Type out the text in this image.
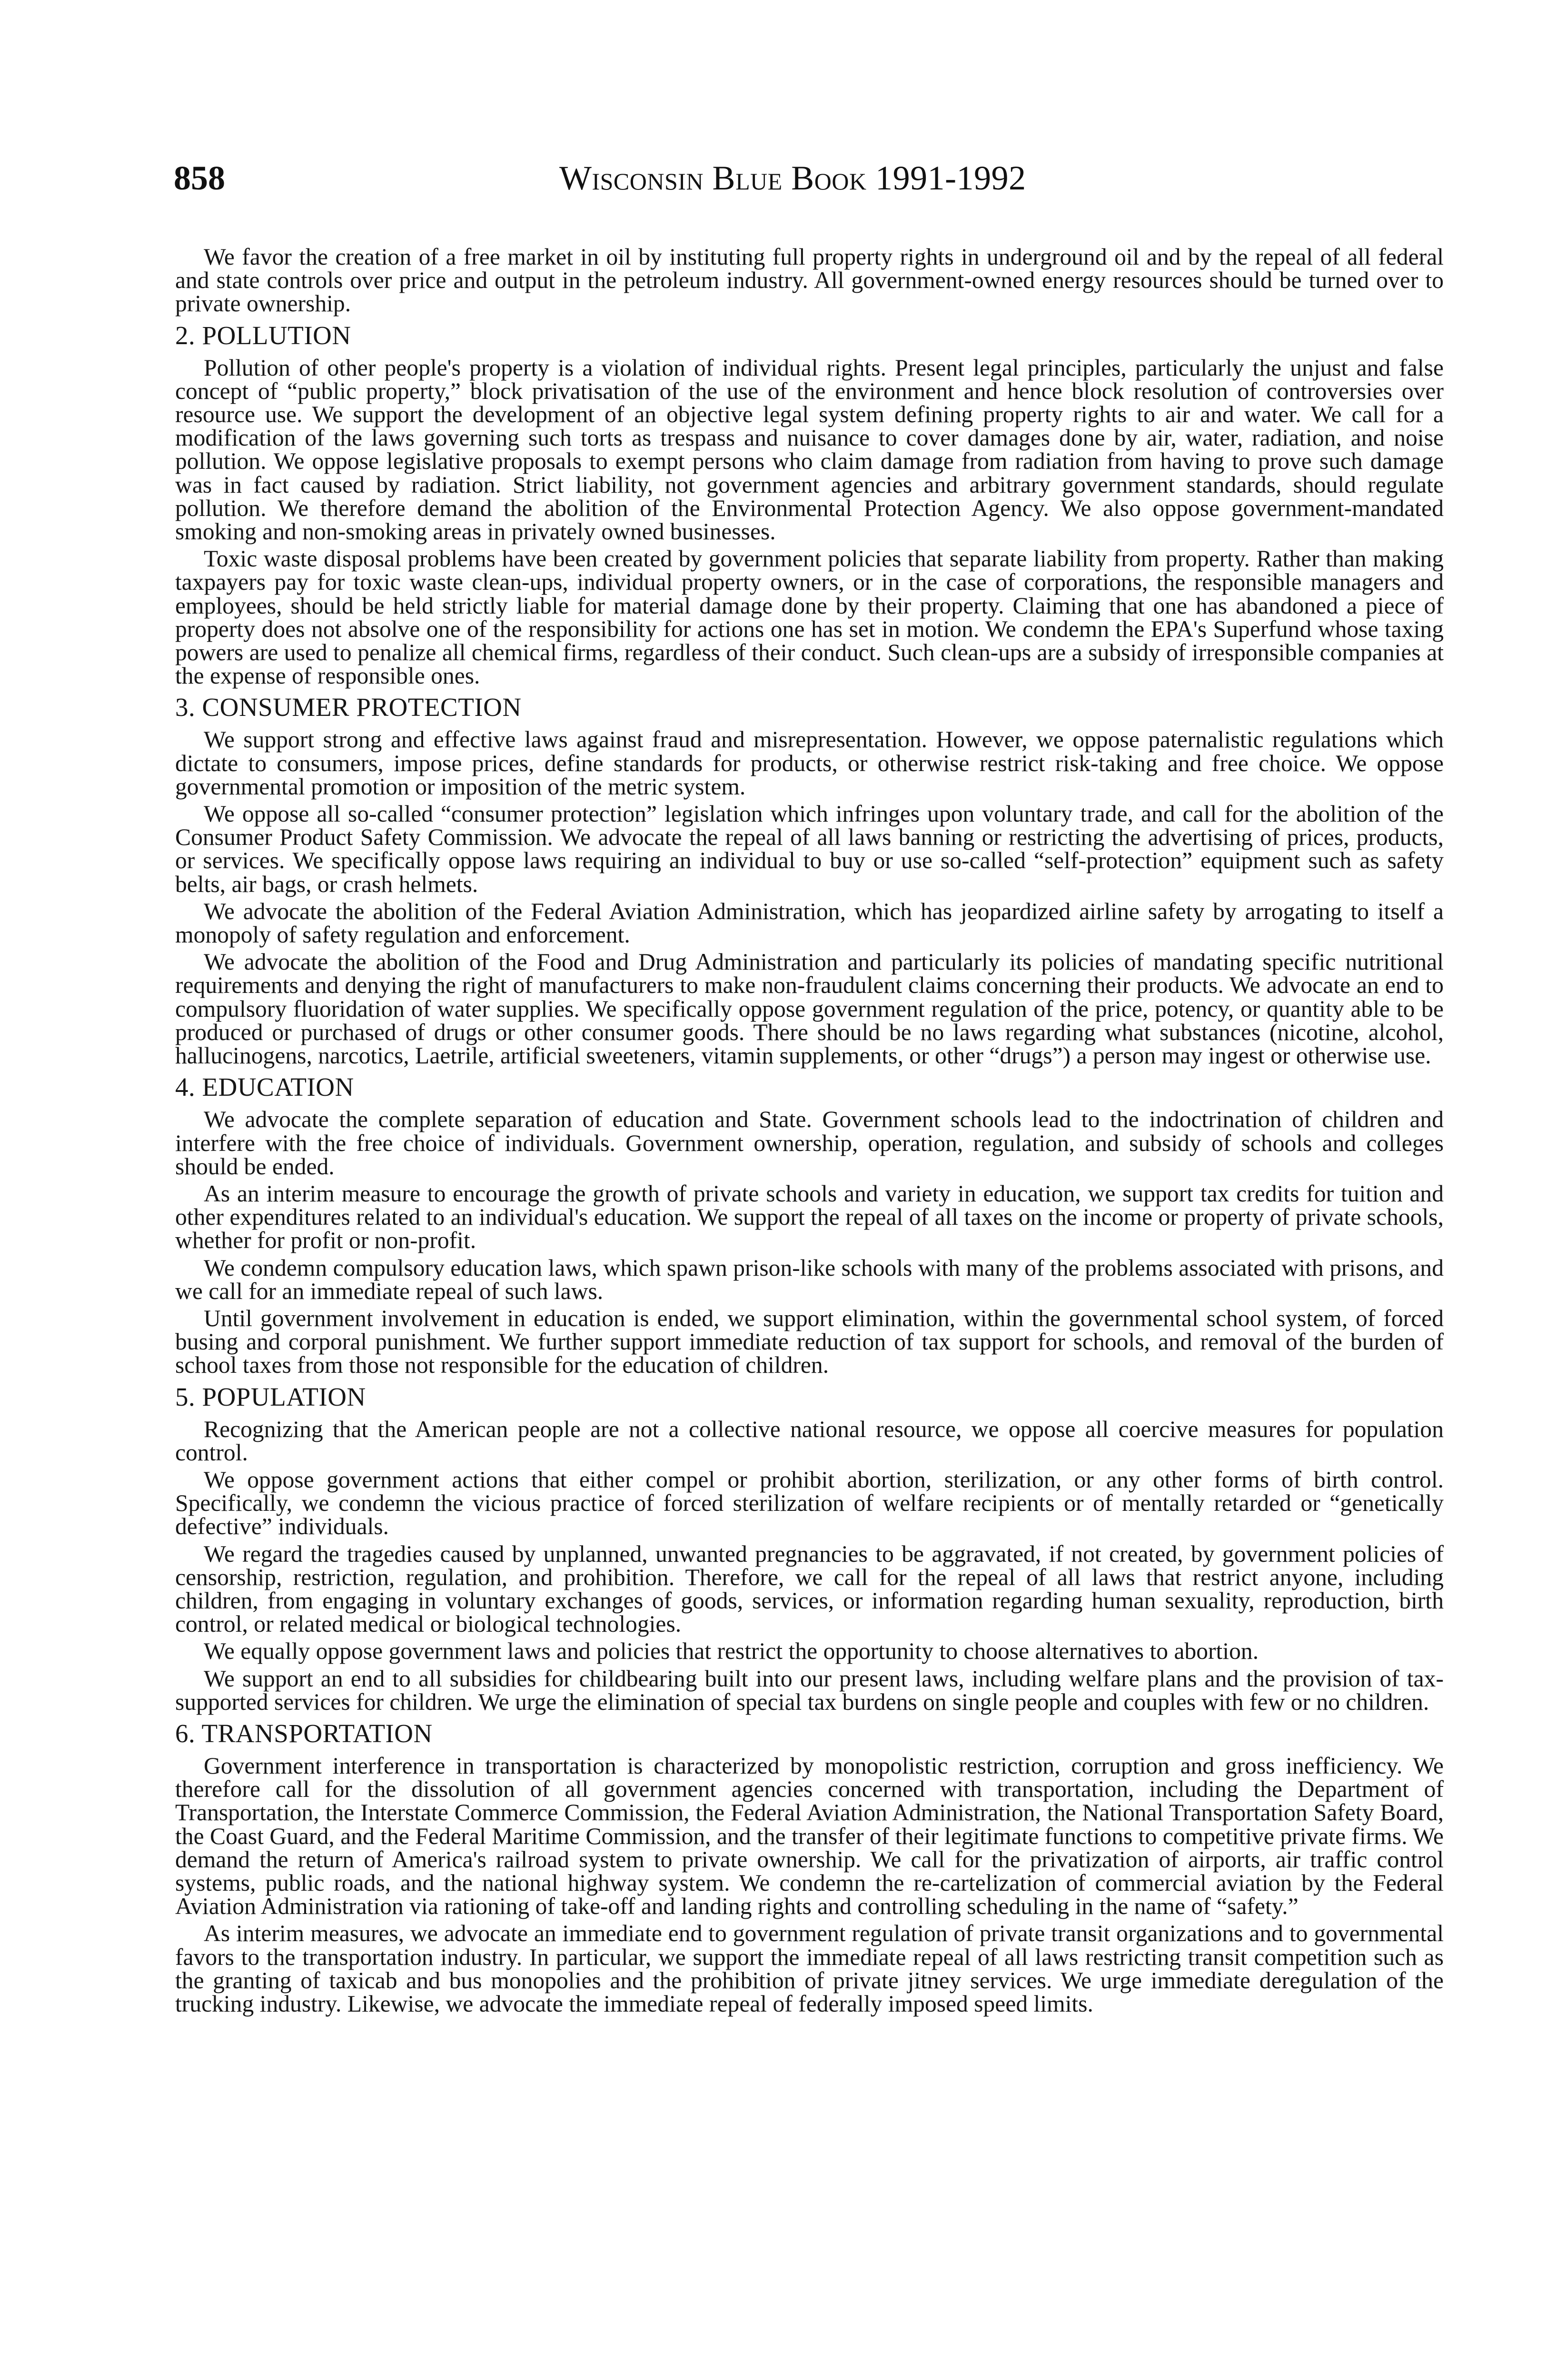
858	Wisconsin Blue Book 1991-1992

We favor the creation of a free market in oil by instituting full property rights in underground oil and by the repeal of all federal and state controls over price and output in the petroleum industry. All government-owned energy resources should be turned over to private ownership.

2. POLLUTION

Pollution of other people's property is a violation of individual rights. Present legal principles, particularly the unjust and false concept of “public property,” block privatisation of the use of the environment and hence block resolution of controversies over resource use. We support the development of an objective legal system defining property rights to air and water. We call for a modification of the laws governing such torts as trespass and nuisance to cover damages done by air, water, radiation, and noise pollution. We oppose legislative proposals to exempt persons who claim damage from radiation from having to prove such damage was in fact caused by radiation. Strict liability, not government agencies and arbitrary government standards, should regulate pollution. We therefore demand the abolition of the Environmental Protection Agency. We also oppose government-mandated smoking and non-smoking areas in privately owned businesses.

Toxic waste disposal problems have been created by government policies that separate liability from property. Rather than making taxpayers pay for toxic waste clean-ups, individual property owners, or in the case of corporations, the responsible managers and employees, should be held strictly liable for material damage done by their property. Claiming that one has abandoned a piece of property does not absolve one of the responsibility for actions one has set in motion. We condemn the EPA's Superfund whose taxing powers are used to penalize all chemical firms, regardless of their conduct. Such clean-ups are a subsidy of irresponsible companies at the expense of responsible ones.

3. CONSUMER PROTECTION

We support strong and effective laws against fraud and misrepresentation. However, we oppose paternalistic regulations which dictate to consumers, impose prices, define standards for products, or otherwise restrict risk-taking and free choice. We oppose governmental promotion or imposition of the metric system.

We oppose all so-called “consumer protection” legislation which infringes upon voluntary trade, and call for the abolition of the Consumer Product Safety Commission. We advocate the repeal of all laws banning or restricting the advertising of prices, products, or services. We specifically oppose laws requiring an individual to buy or use so-called “self-protection” equipment such as safety belts, air bags, or crash helmets.

We advocate the abolition of the Federal Aviation Administration, which has jeopardized airline safety by arrogating to itself a monopoly of safety regulation and enforcement.

We advocate the abolition of the Food and Drug Administration and particularly its policies of mandating specific nutritional requirements and denying the right of manufacturers to make non-fraudulent claims concerning their products. We advocate an end to compulsory fluoridation of water supplies. We specifically oppose government regulation of the price, potency, or quantity able to be produced or purchased of drugs or other consumer goods. There should be no laws regarding what substances (nicotine, alcohol, hallucinogens, narcotics, Laetrile, artificial sweeteners, vitamin supplements, or other “drugs”) a person may ingest or otherwise use.

4. EDUCATION

We advocate the complete separation of education and State. Government schools lead to the indoctrination of children and interfere with the free choice of individuals. Government ownership, operation, regulation, and subsidy of schools and colleges should be ended.

As an interim measure to encourage the growth of private schools and variety in education, we support tax credits for tuition and other expenditures related to an individual's education. We support the repeal of all taxes on the income or property of private schools, whether for profit or non-profit.

We condemn compulsory education laws, which spawn prison-like schools with many of the problems associated with prisons, and we call for an immediate repeal of such laws.

Until government involvement in education is ended, we support elimination, within the governmental school system, of forced busing and corporal punishment. We further support immediate reduction of tax support for schools, and removal of the burden of school taxes from those not responsible for the education of children.

5. POPULATION

Recognizing that the American people are not a collective national resource, we oppose all coercive measures for population control.

We oppose government actions that either compel or prohibit abortion, sterilization, or any other forms of birth control. Specifically, we condemn the vicious practice of forced sterilization of welfare recipients or of mentally retarded or “genetically defective” individuals.

We regard the tragedies caused by unplanned, unwanted pregnancies to be aggravated, if not created, by government policies of censorship, restriction, regulation, and prohibition. Therefore, we call for the repeal of all laws that restrict anyone, including children, from engaging in voluntary exchanges of goods, services, or information regarding human sexuality, reproduction, birth control, or related medical or biological technologies.

We equally oppose government laws and policies that restrict the opportunity to choose alternatives to abortion.

We support an end to all subsidies for childbearing built into our present laws, including welfare plans and the provision of tax-supported services for children. We urge the elimination of special tax burdens on single people and couples with few or no children.

6. TRANSPORTATION

Government interference in transportation is characterized by monopolistic restriction, corruption and gross inefficiency. We therefore call for the dissolution of all government agencies concerned with transportation, including the Department of Transportation, the Interstate Commerce Commission, the Federal Aviation Administration, the National Transportation Safety Board, the Coast Guard, and the Federal Maritime Commission, and the transfer of their legitimate functions to competitive private firms. We demand the return of America's railroad system to private ownership. We call for the privatization of airports, air traffic control systems, public roads, and the national highway system. We condemn the re-cartelization of commercial aviation by the Federal Aviation Administration via rationing of take-off and landing rights and controlling scheduling in the name of “safety.”

As interim measures, we advocate an immediate end to government regulation of private transit organizations and to governmental favors to the transportation industry. In particular, we support the immediate repeal of all laws restricting transit competition such as the granting of taxicab and bus monopolies and the prohibition of private jitney services. We urge immediate deregulation of the trucking industry. Likewise, we advocate the immediate repeal of federally imposed speed limits.
